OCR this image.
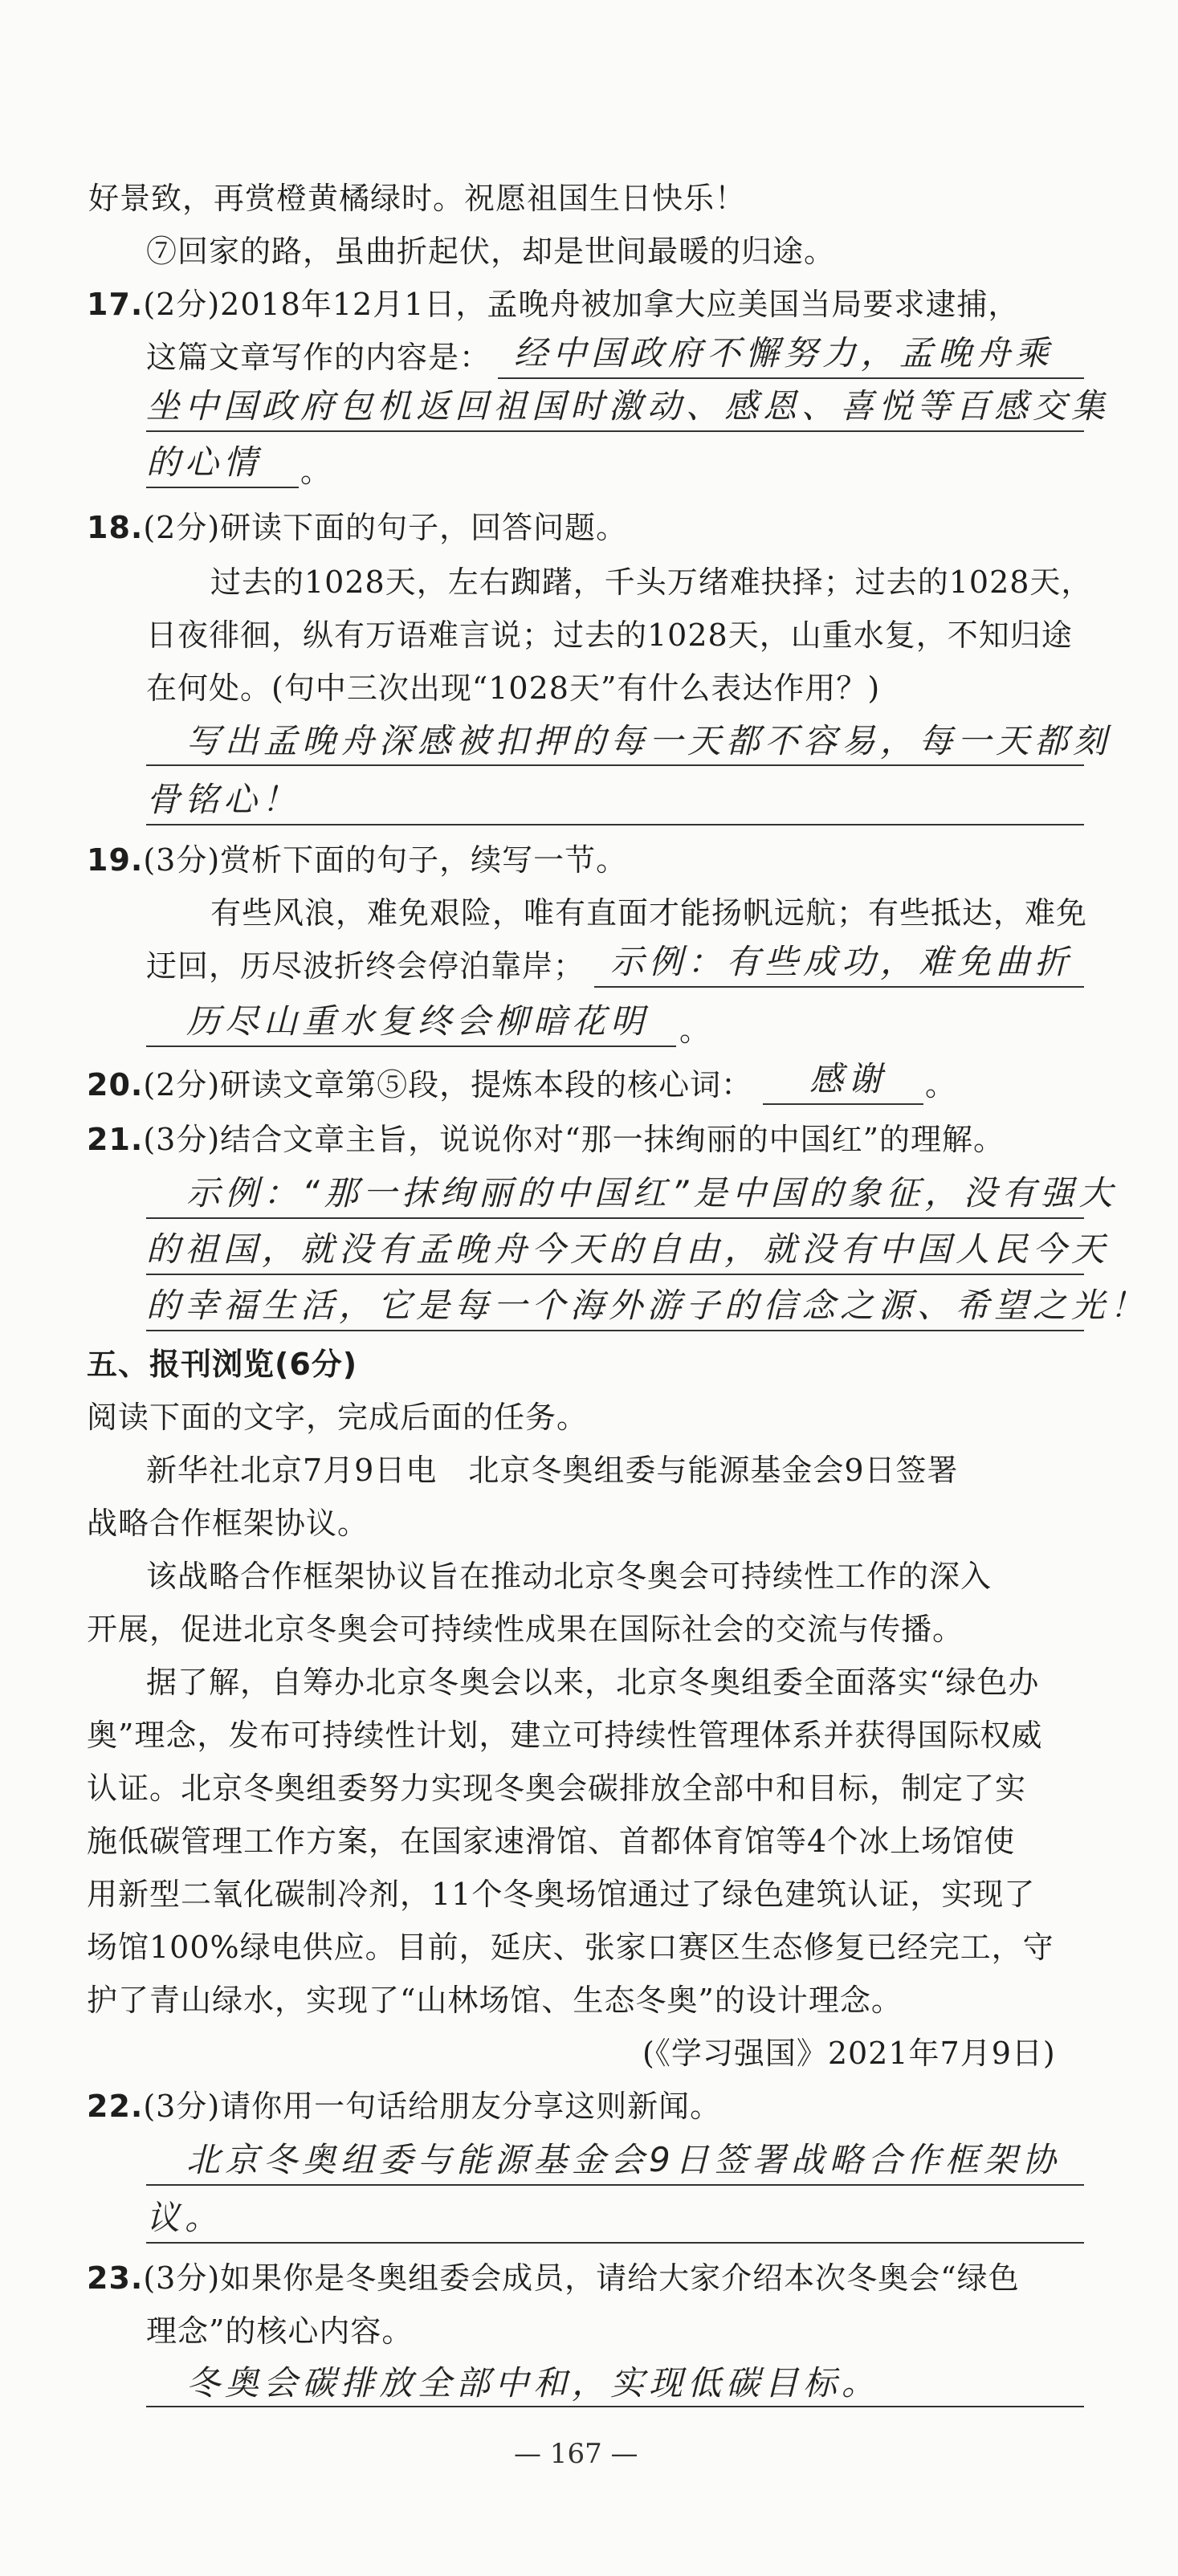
好景致，再赏橙黄橘绿时。祝愿祖国生日快乐！
⑦回家的路，虽曲折起伏，却是世间最暖的归途。
17.(2分)2018年12月1日，孟晚舟被加拿大应美国当局要求逮捕，
这篇文章写作的内容是： 经中国政府不懈努力，孟晚舟乘
坐中国政府包机返回祖国时激动、感恩、喜悦等百感交集
的心情 。
18.(2分)研读下面的句子，回答问题。
过去的1028天，左右踟躇，千头万绪难抉择；过去的1028天，
日夜徘徊，纵有万语难言说；过去的1028天，山重水复，不知归途
在何处。(句中三次出现“1028天”有什么表达作用？)
写出孟晚舟深感被扣押的每一天都不容易，每一天都刻
骨铭心！
19.(3分)赏析下面的句子，续写一节。
有些风浪，难免艰险，唯有直面才能扬帆远航；有些抵达，难免
迂回，历尽波折终会停泊靠岸； 示例：有些成功，难免曲折
历尽山重水复终会柳暗花明 。
20.(2分)研读文章第⑤段，提炼本段的核心词： 感谢 。
21.(3分)结合文章主旨，说说你对“那一抹绚丽的中国红”的理解。
示例：“那一抹绚丽的中国红”是中国的象征，没有强大
的祖国，就没有孟晚舟今天的自由，就没有中国人民今天
的幸福生活，它是每一个海外游子的信念之源、希望之光！
五、报刊浏览(6分)
阅读下面的文字，完成后面的任务。
新华社北京7月9日电　北京冬奥组委与能源基金会9日签署
战略合作框架协议。
该战略合作框架协议旨在推动北京冬奥会可持续性工作的深入
开展，促进北京冬奥会可持续性成果在国际社会的交流与传播。
据了解，自筹办北京冬奥会以来，北京冬奥组委全面落实“绿色办
奥”理念，发布可持续性计划，建立可持续性管理体系并获得国际权威
认证。北京冬奥组委努力实现冬奥会碳排放全部中和目标，制定了实
施低碳管理工作方案，在国家速滑馆、首都体育馆等4个冰上场馆使
用新型二氧化碳制冷剂，11个冬奥场馆通过了绿色建筑认证，实现了
场馆100%绿电供应。目前，延庆、张家口赛区生态修复已经完工，守
护了青山绿水，实现了“山林场馆、生态冬奥”的设计理念。
(《学习强国》2021年7月9日)
22.(3分)请你用一句话给朋友分享这则新闻。
北京冬奥组委与能源基金会9日签署战略合作框架协
议。
23.(3分)如果你是冬奥组委会成员，请给大家介绍本次冬奥会“绿色
理念”的核心内容。
冬奥会碳排放全部中和，实现低碳目标。
— 167 —
